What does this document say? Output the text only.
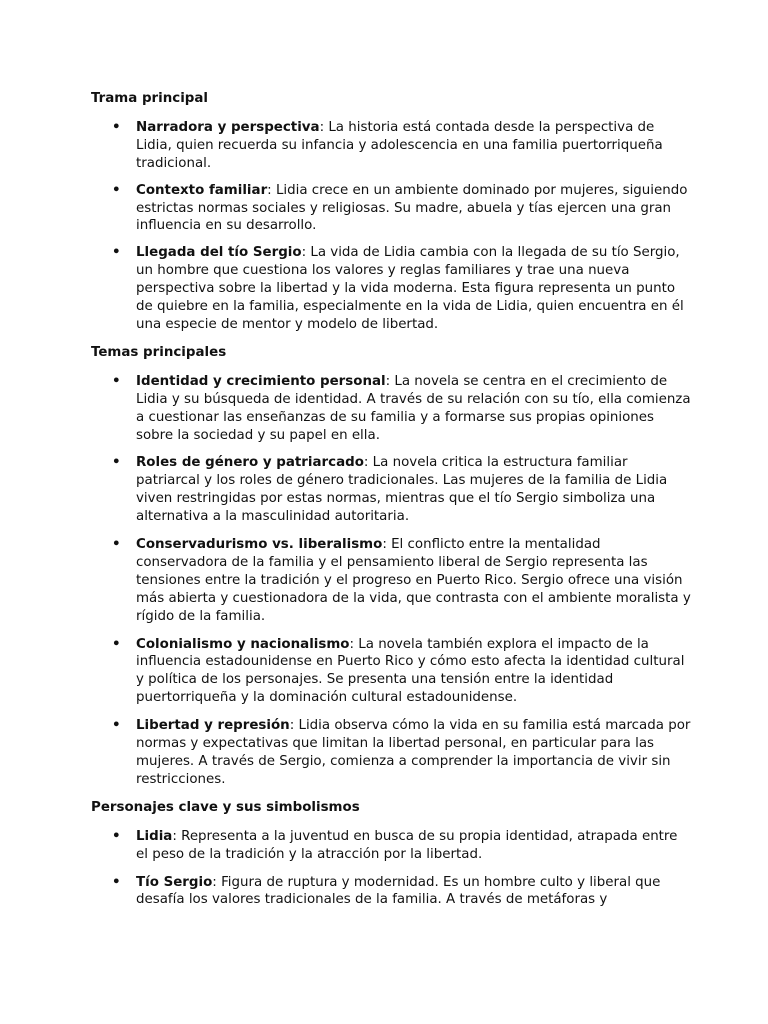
Trama principal

• Narradora y perspectiva: La historia está contada desde la perspectiva de Lidia, quien recuerda su infancia y adolescencia en una familia puertorriqueña tradicional.
• Contexto familiar: Lidia crece en un ambiente dominado por mujeres, siguiendo estrictas normas sociales y religiosas. Su madre, abuela y tías ejercen una gran influencia en su desarrollo.
• Llegada del tío Sergio: La vida de Lidia cambia con la llegada de su tío Sergio, un hombre que cuestiona los valores y reglas familiares y trae una nueva perspectiva sobre la libertad y la vida moderna. Esta figura representa un punto de quiebre en la familia, especialmente en la vida de Lidia, quien encuentra en él una especie de mentor y modelo de libertad.

Temas principales

• Identidad y crecimiento personal: La novela se centra en el crecimiento de Lidia y su búsqueda de identidad. A través de su relación con su tío, ella comienza a cuestionar las enseñanzas de su familia y a formarse sus propias opiniones sobre la sociedad y su papel en ella.
• Roles de género y patriarcado: La novela critica la estructura familiar patriarcal y los roles de género tradicionales. Las mujeres de la familia de Lidia viven restringidas por estas normas, mientras que el tío Sergio simboliza una alternativa a la masculinidad autoritaria.
• Conservadurismo vs. liberalismo: El conflicto entre la mentalidad conservadora de la familia y el pensamiento liberal de Sergio representa las tensiones entre la tradición y el progreso en Puerto Rico. Sergio ofrece una visión más abierta y cuestionadora de la vida, que contrasta con el ambiente moralista y rígido de la familia.
• Colonialismo y nacionalismo: La novela también explora el impacto de la influencia estadounidense en Puerto Rico y cómo esto afecta la identidad cultural y política de los personajes. Se presenta una tensión entre la identidad puertorriqueña y la dominación cultural estadounidense.
• Libertad y represión: Lidia observa cómo la vida en su familia está marcada por normas y expectativas que limitan la libertad personal, en particular para las mujeres. A través de Sergio, comienza a comprender la importancia de vivir sin restricciones.

Personajes clave y sus simbolismos

• Lidia: Representa a la juventud en busca de su propia identidad, atrapada entre el peso de la tradición y la atracción por la libertad.
• Tío Sergio: Figura de ruptura y modernidad. Es un hombre culto y liberal que desafía los valores tradicionales de la familia. A través de metáforas y
